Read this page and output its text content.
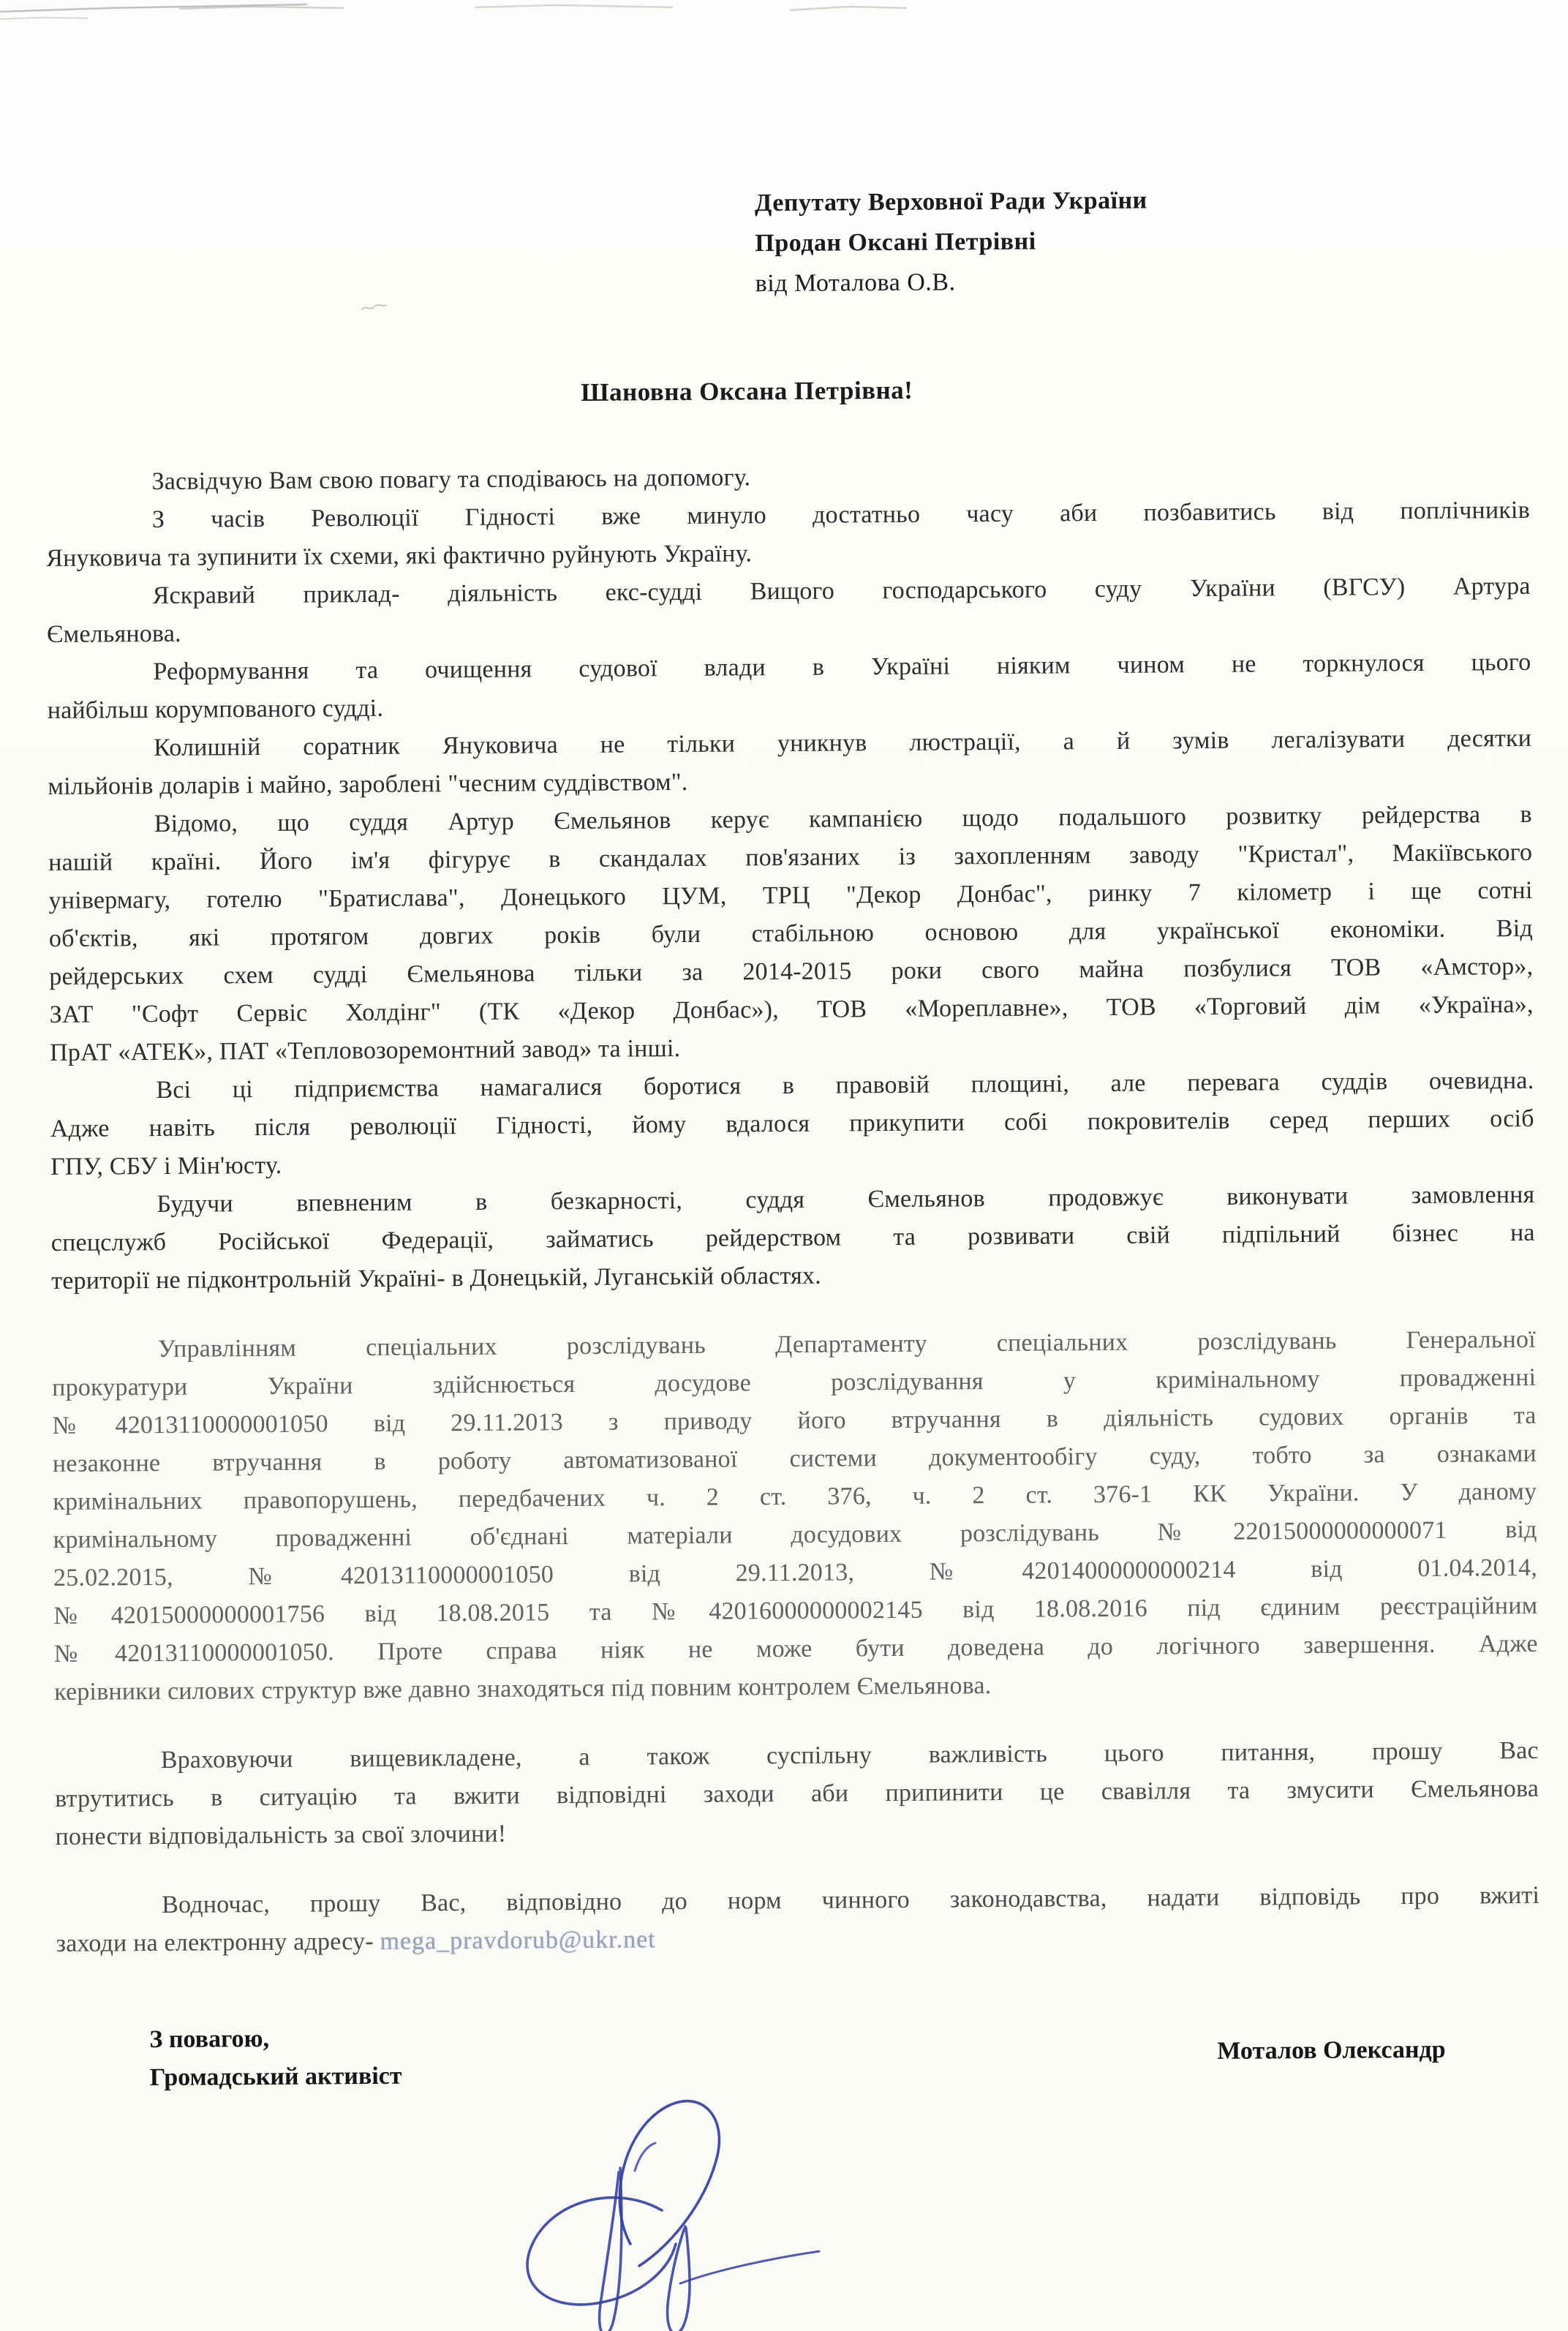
Депутату Верховної Ради України
Продан Оксані Петрівні
від Моталова О.В.
Шановна Оксана Петрівна!
Засвідчую Вам свою повагу та сподіваюсь на допомогу.
З часів Революції Гідності вже минуло достатньо часу аби позбавитись від поплічників
Януковича та зупинити їх схеми, які фактично руйнують Україну.
Яскравий приклад- діяльність екс-судді Вищого господарського суду України (ВГСУ) Артура
Ємельянова.
Реформування та очищення судової влади в Україні ніяким чином не торкнулося цього
найбільш корумпованого судді.
Колишній соратник Януковича не тільки уникнув люстрації, а й зумів легалізувати десятки
мільйонів доларів і майно, зароблені "чесним суддівством".
Відомо, що суддя Артур Ємельянов керує кампанією щодо подальшого розвитку рейдерства в
нашій країні. Його ім'я фігурує в скандалах пов'язаних із захопленням заводу "Кристал", Макіївського
універмагу, готелю "Братислава", Донецького ЦУМ, ТРЦ "Декор Донбас", ринку 7 кілометр і ще сотні
об'єктів, які протягом довгих років були стабільною основою для української економіки. Від
рейдерських схем судді Ємельянова тільки за 2014-2015 роки свого майна позбулися ТОВ «Амстор»,
ЗАТ "Софт Сервіс Холдінг" (ТК «Декор Донбас»), ТОВ «Мореплавне», ТОВ «Торговий дім «Україна»,
ПрАТ «АТЕК», ПАТ «Тепловозоремонтний завод» та інші.
Всі ці підприємства намагалися боротися в правовій площині, але перевага суддів очевидна.
Адже навіть після революції Гідності, йому вдалося прикупити собі покровителів серед перших осіб
ГПУ, СБУ і Мін'юсту.
Будучи впевненим в безкарності, суддя Ємельянов продовжує виконувати замовлення
спецслужб Російської Федерації, займатись рейдерством та розвивати свій підпільний бізнес на
території не підконтрольній Україні- в Донецькій, Луганській областях.
Управлінням спеціальних розслідувань Департаменту спеціальних розслідувань Генеральної
прокуратури України здійснюється досудове розслідування у кримінальному провадженні
№42013110000001050 від 29.11.2013 з приводу його втручання в діяльність судових органів та
незаконне втручання в роботу автоматизованої системи документообігу суду, тобто за ознаками
кримінальних правопорушень, передбачених ч. 2 ст. 376, ч. 2 ст. 376-1 КК України. У даному
кримінальному провадженні об'єднані матеріали досудових розслідувань №22015000000000071 від
25.02.2015, №42013110000001050 від 29.11.2013, №42014000000000214 від 01.04.2014,
№42015000000001756 від 18.08.2015 та №42016000000002145 від 18.08.2016 під єдиним реєстраційним
№42013110000001050. Проте справа ніяк не може бути доведена до логічного завершення. Адже
керівники силових структур вже давно знаходяться під повним контролем Ємельянова.
Враховуючи вищевикладене, а також суспільну важливість цього питання, прошу Вас
втрутитись в ситуацію та вжити відповідні заходи аби припинити це свавілля та змусити Ємельянова
понести відповідальність за свої злочини!
Водночас, прошу Вас, відповідно до норм чинного законодавства, надати відповідь про вжиті
заходи на електронну адресу- mega_pravdorub@ukr.net
З повагою,
Громадський активіст
Моталов Олександр
